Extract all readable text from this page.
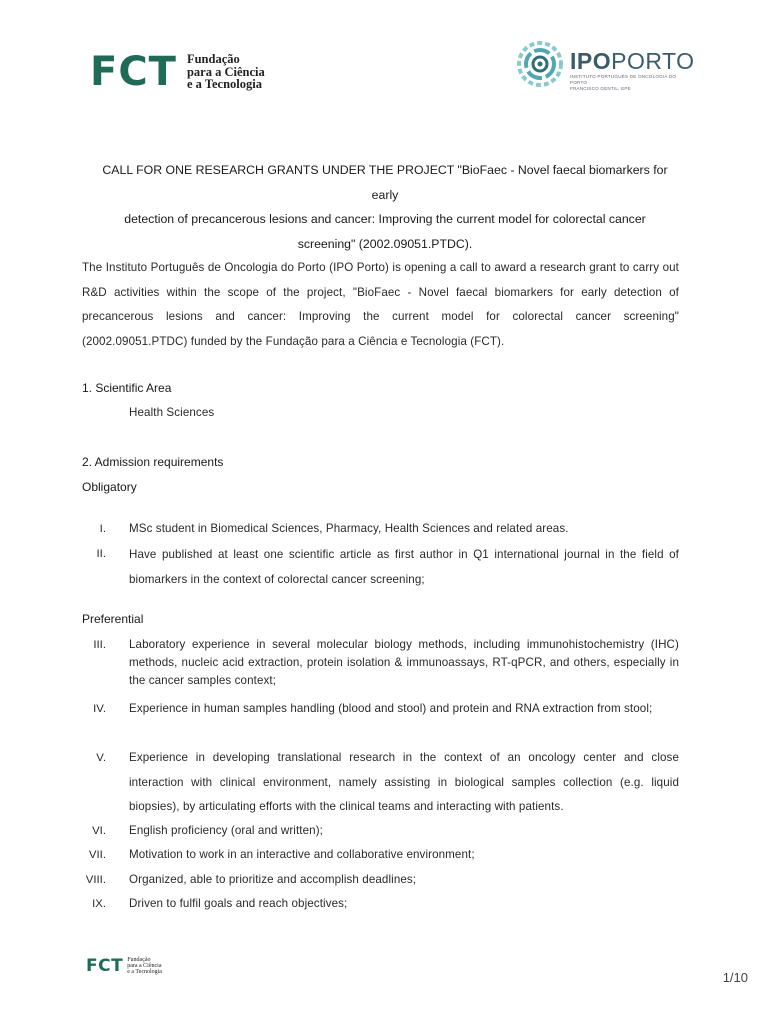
FCT Fundação
para a Ciência
e a Tecnologia
IPOPORTO
INSTITUTO PORTUGUÊS DE ONCOLOGIA DO PORTO
FRANCISCO GENTIL, EPE
CALL FOR ONE RESEARCH GRANTS UNDER THE PROJECT "BioFaec - Novel faecal biomarkers for early
detection of precancerous lesions and cancer: Improving the current model for colorectal cancer
screening" (2002.09051.PTDC).
The Instituto Português de Oncologia do Porto (IPO Porto) is opening a call to award a research grant to carry out R&D activities within the scope of the project, "BioFaec - Novel faecal biomarkers for early detection of precancerous lesions and cancer: Improving the current model for colorectal cancer screening" (2002.09051.PTDC) funded by the Fundação para a Ciência e Tecnologia (FCT).
1. Scientific Area
Health Sciences
2. Admission requirements
Obligatory
I. MSc student in Biomedical Sciences, Pharmacy, Health Sciences and related areas.
II. Have published at least one scientific article as first author in Q1 international journal in the field of biomarkers in the context of colorectal cancer screening;
Preferential
III. Laboratory experience in several molecular biology methods, including immunohistochemistry (IHC) methods, nucleic acid extraction, protein isolation & immunoassays, RT-qPCR, and others, especially in the cancer samples context;
IV. Experience in human samples handling (blood and stool) and protein and RNA extraction from stool;
V. Experience in developing translational research in the context of an oncology center and close interaction with clinical environment, namely assisting in biological samples collection (e.g. liquid biopsies), by articulating efforts with the clinical teams and interacting with patients.
VI. English proficiency (oral and written);
VII. Motivation to work in an interactive and collaborative environment;
VIII. Organized, able to prioritize and accomplish deadlines;
IX. Driven to fulfil goals and reach objectives;
FCT Fundação
para a Ciência
e a Tecnologia	1/10
